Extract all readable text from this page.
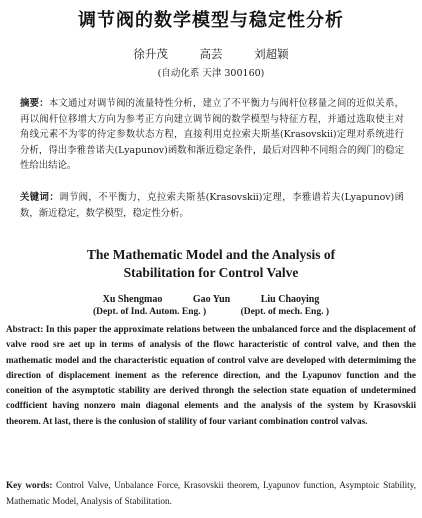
调节阀的数学模型与稳定性分析
徐升茂	高芸	刘超颖
(自动化系 天津 300160)

摘要：本文通过对调节阀的流量特性分析，建立了不平衡力与阀杆位移量之间的近似关系，再以阀杆位移增大方向为参考正方向建立调节阀的数学模型与特征方程，并通过选取使主对角线元素不为零的待定参数状态方程，直接利用克拉索夫斯基(Krasovskii)定理对系统进行分析，得出李雅普诺夫(Lyapunov)函数和渐近稳定条件，最后对四种不同组合的阀门的稳定性给出结论。

关键词：调节阀，不平衡力，克拉索夫斯基(Krasovskii)定理，李雅谱若夫(Lyapunov)函数，渐近稳定，数学模型，稳定性分析。

The Mathematic Model and the Analysis of
Stabilitation for Control Valve

Xu Shengmao	Gao Yun	Liu Chaoying
(Dept. of Ind. Autom. Eng. )	(Dept. of mech. Eng. )

Abstract: In this paper the approximate relations between the unbalanced force and the displacement of valve rood sre aet up in terms of analysis of the flowc haracteristic of control valve, and then the mathematic model and the characteristic equation of control valve are developed with determimimg the direction of displacement inement as the reference direction, and the Lyapunov function and the coneition of the asymptotic stability are derived throngh the selection state equation of undetermined codfficient having nonzero main diagonal elements and the analysis of the system by Krasovskii theorem. At last, there is the conlusion of stalility of four variant combination control valvas.

Key words: Control Valve, Unbalance Force, Krasovskii theorem, Lyapunov function, Asymptoic Stability, Mathematic Model, Analysis of Stabilitation.
